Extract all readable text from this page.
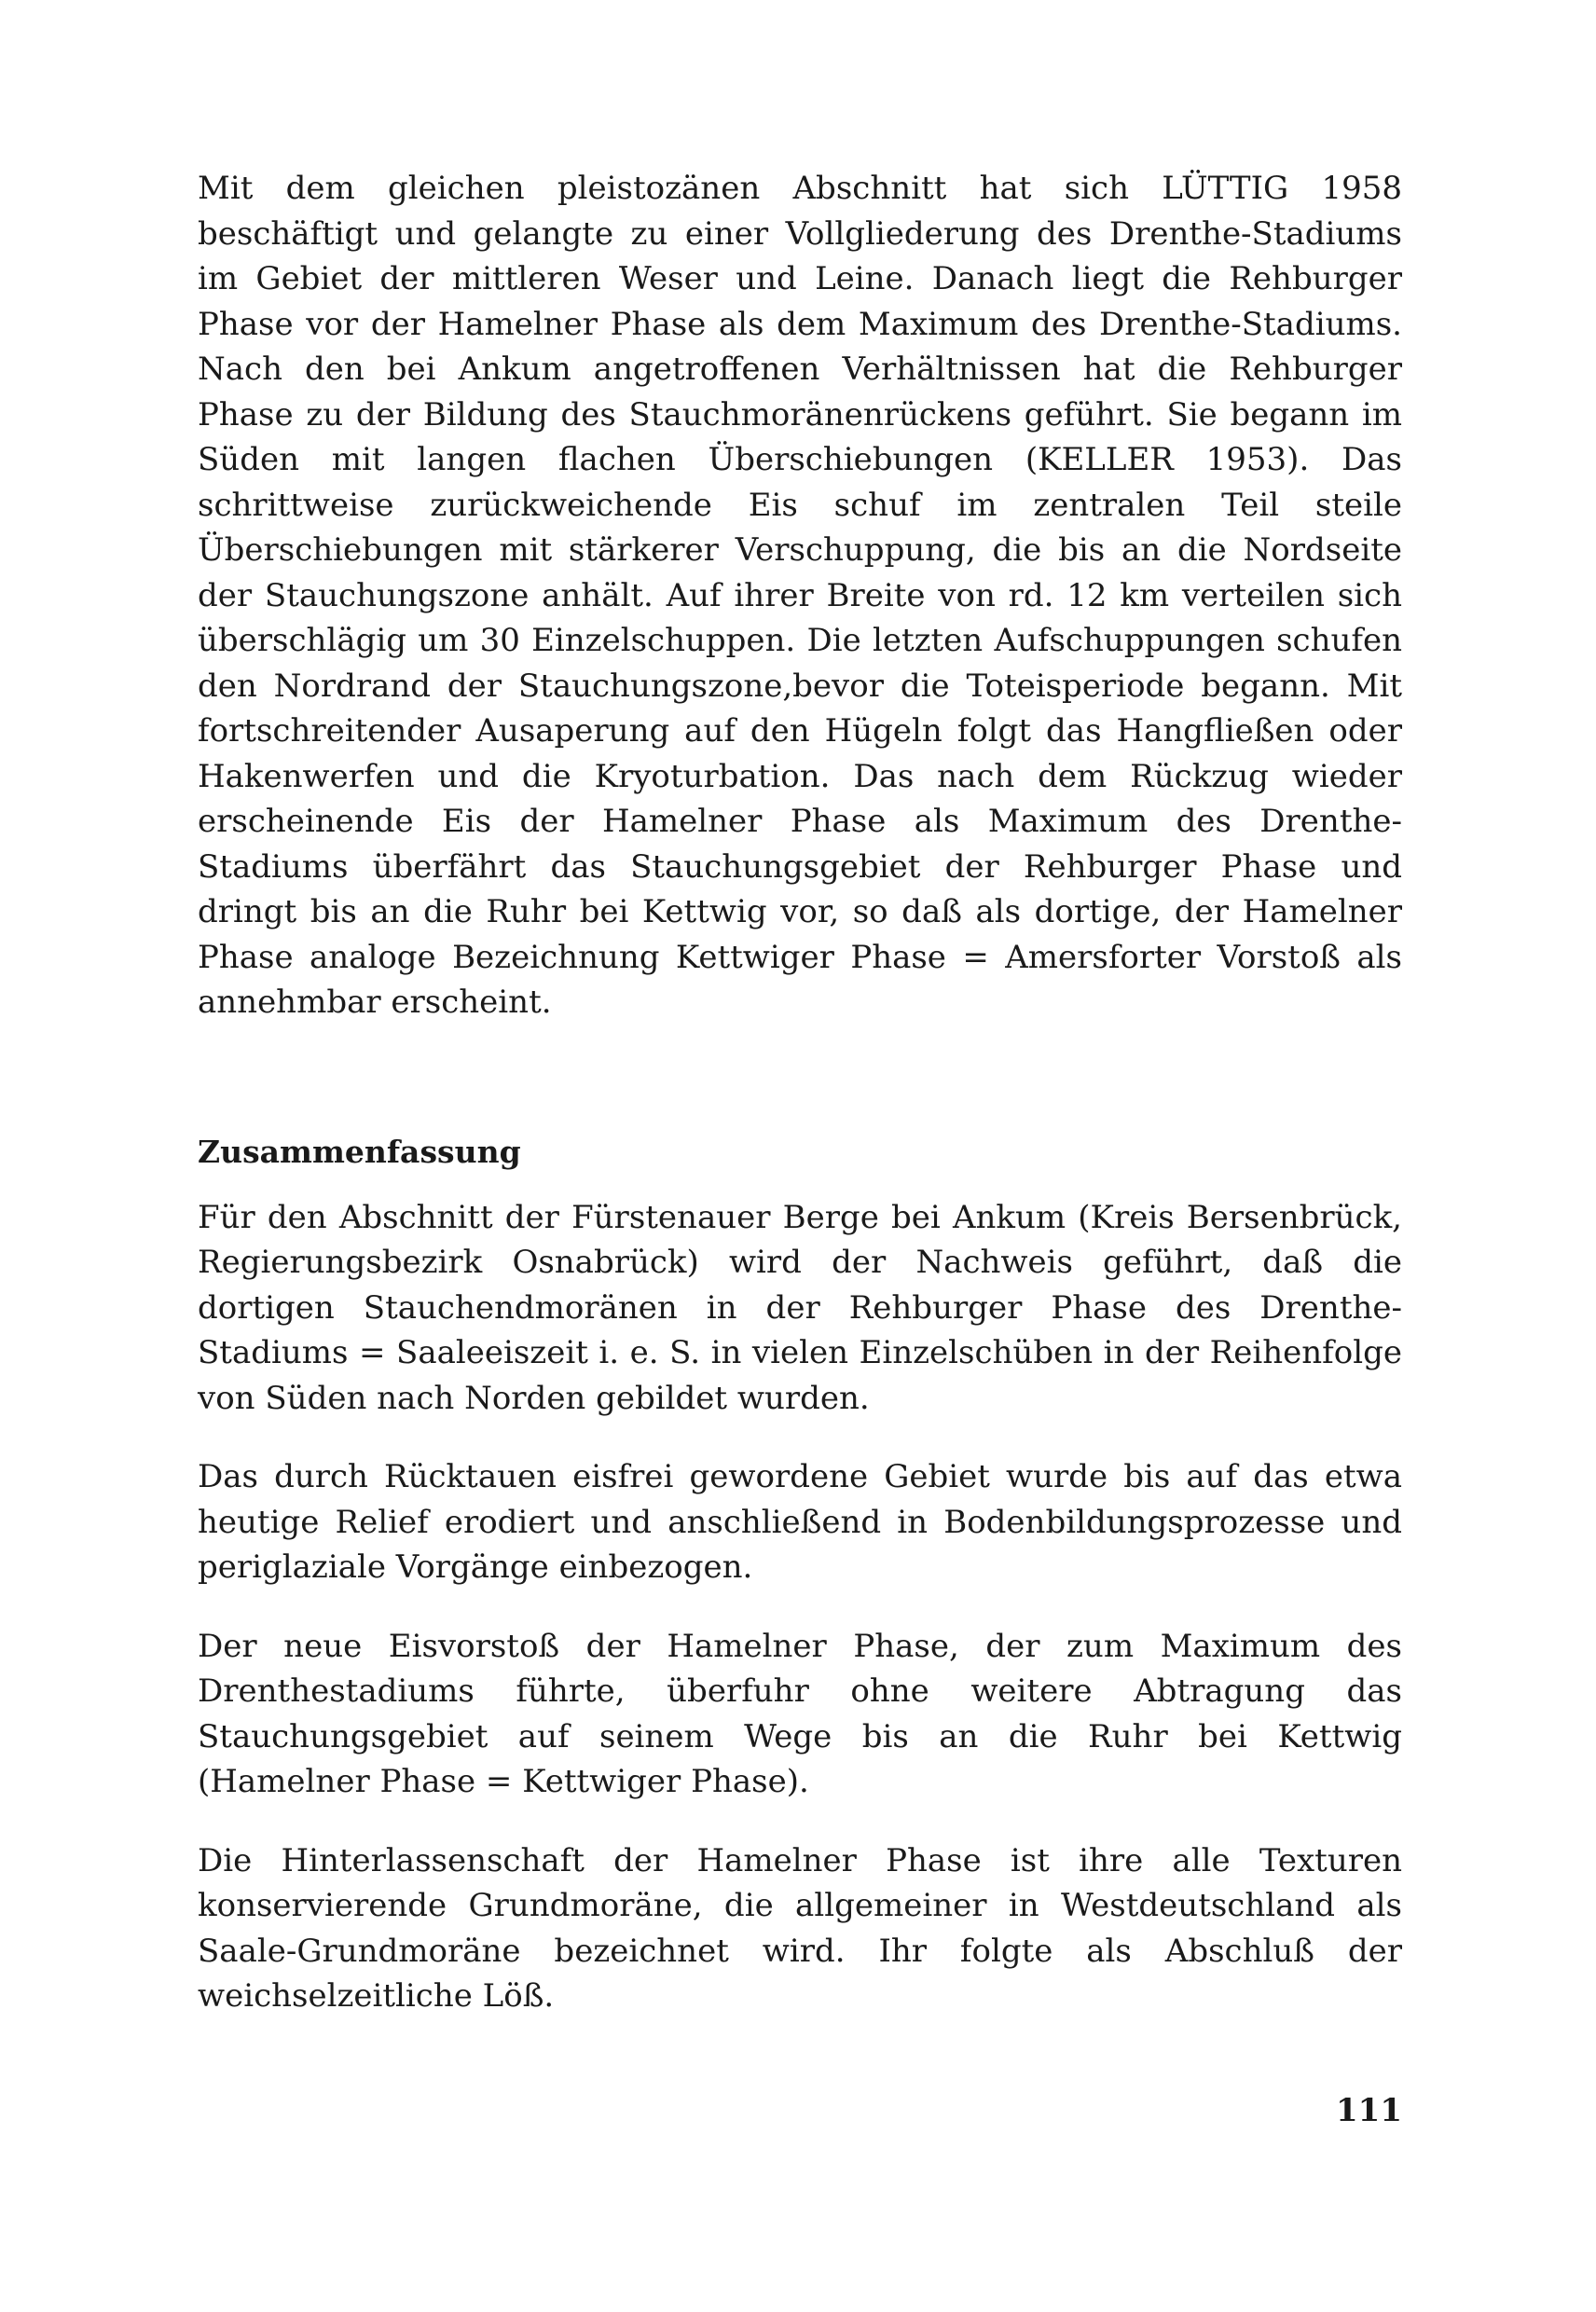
Mit dem gleichen pleistozänen Abschnitt hat sich LÜTTIG 1958 beschäftigt und gelangte zu einer Vollgliederung des Drenthe-Stadiums im Gebiet der mittleren Weser und Leine. Danach liegt die Rehburger Phase vor der Hamelner Phase als dem Maximum des Drenthe-Stadiums. Nach den bei Ankum angetroffenen Verhältnissen hat die Rehburger Phase zu der Bildung des Stauchmoränenrückens geführt. Sie begann im Süden mit langen flachen Überschiebungen (KELLER 1953). Das schrittweise zurückweichende Eis schuf im zentralen Teil steile Überschiebungen mit stärkerer Verschuppung, die bis an die Nordseite der Stauchungszone anhält. Auf ihrer Breite von rd. 12 km verteilen sich überschlägig um 30 Einzelschuppen. Die letzten Aufschuppungen schufen den Nordrand der Stauchungszone,bevor die Toteisperiode begann. Mit fortschreitender Ausaperung auf den Hügeln folgt das Hangfließen oder Hakenwerfen und die Kryoturbation. Das nach dem Rückzug wieder erscheinende Eis der Hamelner Phase als Maximum des Drenthe-Stadiums überfährt das Stauchungsgebiet der Rehburger Phase und dringt bis an die Ruhr bei Kettwig vor, so daß als dortige, der Hamelner Phase analoge Bezeichnung Kettwiger Phase = Amersforter Vorstoß als annehmbar erscheint.

Zusammenfassung

Für den Abschnitt der Fürstenauer Berge bei Ankum (Kreis Bersenbrück, Regierungsbezirk Osnabrück) wird der Nachweis geführt, daß die dortigen Stauchendmoränen in der Rehburger Phase des Drenthe-Stadiums = Saaleeiszeit i. e. S. in vielen Einzelschüben in der Reihenfolge von Süden nach Norden gebildet wurden.

Das durch Rücktauen eisfrei gewordene Gebiet wurde bis auf das etwa heutige Relief erodiert und anschließend in Bodenbildungsprozesse und periglaziale Vorgänge einbezogen.

Der neue Eisvorstoß der Hamelner Phase, der zum Maximum des Drenthestadiums führte, überfuhr ohne weitere Abtragung das Stauchungsgebiet auf seinem Wege bis an die Ruhr bei Kettwig (Hamelner Phase = Kettwiger Phase).

Die Hinterlassenschaft der Hamelner Phase ist ihre alle Texturen konservierende Grundmoräne, die allgemeiner in Westdeutschland als Saale-Grundmoräne bezeichnet wird. Ihr folgte als Abschluß der weichselzeitliche Löß.

111
